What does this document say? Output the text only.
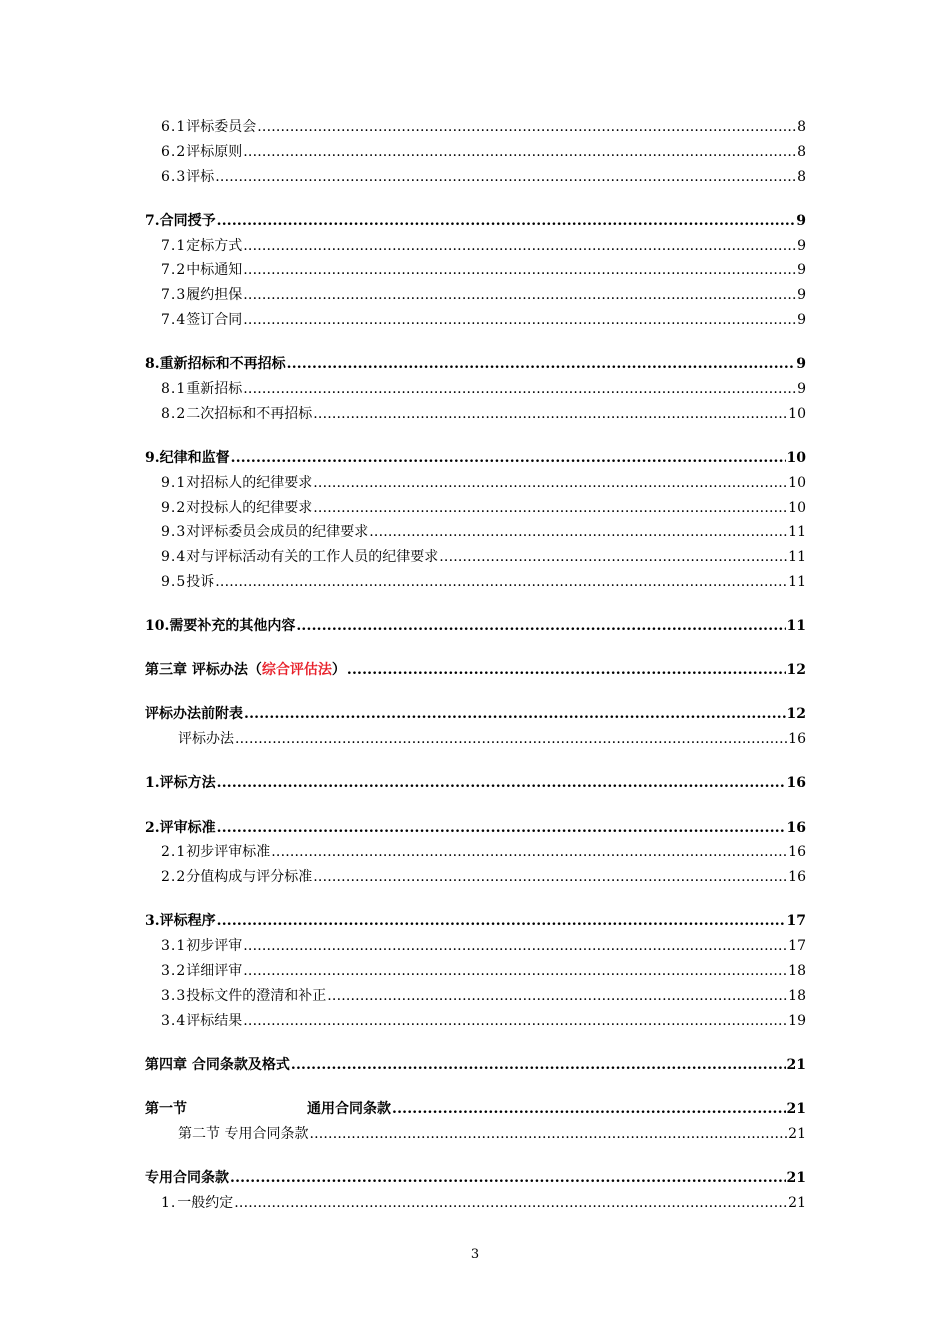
6.1 评标委员会 .....	8
6.2 评标原则 .....	8
6.3 评标 .....	8
7. 合同授予 .....	9
7.1 定标方式 .....	9
7.2 中标通知 .....	9
7.3 履约担保 .....	9
7.4 签订合同 .....	9
8. 重新招标和不再招标 .....	9
8.1 重新招标 .....	9
8.2 二次招标和不再招标 .....	10
9. 纪律和监督 .....	10
9.1 对招标人的纪律要求 .....	10
9.2 对投标人的纪律要求 .....	10
9.3 对评标委员会成员的纪律要求 .....	11
9.4 对与评标活动有关的工作人员的纪律要求 .....	11
9.5 投诉 .....	11
10. 需要补充的其他内容 .....	11
第三章 评标办法（综合评估法） .....	12
评标办法前附表 .....	12
评标办法 .....	16
1. 评标方法 .....	16
2. 评审标准 .....	16
2.1 初步评审标准 .....	16
2.2 分值构成与评分标准 .....	16
3. 评标程序 .....	17
3.1 初步评审 .....	17
3.2 详细评审 .....	18
3.3 投标文件的澄清和补正 .....	18
3.4 评标结果 .....	19
第四章 合同条款及格式 .....	21
第一节	通用合同条款 .....	21
第二节 专用合同条款 .....	21
专用合同条款 .....	21
1. 一般约定 .....	21
3
